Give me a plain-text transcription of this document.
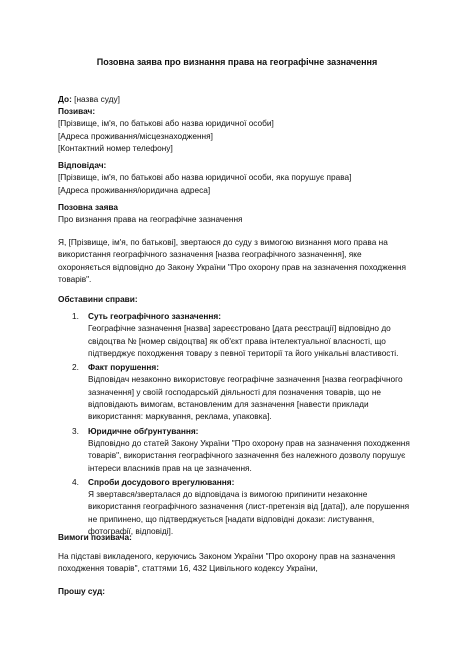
Позовна заява про визнання права на географічне зазначення
До: [назва суду]
Позивач:
[Прізвище, ім'я, по батькові або назва юридичної особи]
[Адреса проживання/місцезнаходження]
[Контактний номер телефону]
Відповідач:
[Прізвище, ім'я, по батькові або назва юридичної особи, яка порушує права]
[Адреса проживання/юридична адреса]
Позовна заява
Про визнання права на географічне зазначення
Я, [Прізвище, ім'я, по батькові], звертаюся до суду з вимогою визнання мого права на використання географічного зазначення [назва географічного зазначення], яке охороняється відповідно до Закону України "Про охорону прав на зазначення походження товарів".
Обставини справи:
1. Суть географічного зазначення:
Географічне зазначення [назва] зареєстровано [дата реєстрації] відповідно до свідоцтва № [номер свідоцтва] як об'єкт права інтелектуальної власності, що підтверджує походження товару з певної території та його унікальні властивості.
2. Факт порушення:
Відповідач незаконно використовує географічне зазначення [назва географічного зазначення] у своїй господарській діяльності для позначення товарів, що не відповідають вимогам, встановленим для зазначення [навести приклади використання: маркування, реклама, упаковка].
3. Юридичне обґрунтування:
Відповідно до статей Закону України "Про охорону прав на зазначення походження товарів", використання географічного зазначення без належного дозволу порушує інтереси власників прав на це зазначення.
4. Спроби досудового врегулювання:
Я звертався/зверталася до відповідача із вимогою припинити незаконне використання географічного зазначення (лист-претензія від [дата]), але порушення не припинено, що підтверджується [надати відповідні докази: листування, фотографії, відповіді].
Вимоги позивача:
На підставі викладеного, керуючись Законом України "Про охорону прав на зазначення походження товарів", статтями 16, 432 Цивільного кодексу України,
Прошу суд:
